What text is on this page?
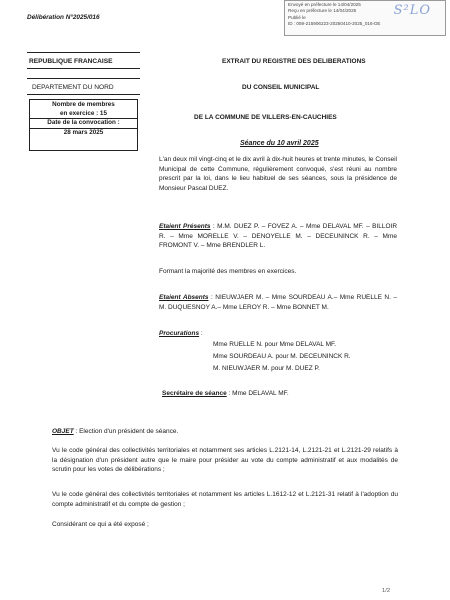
Envoyé en préfecture le 14/04/2025
Reçu en préfecture le 14/04/2025
Publié le
ID : 059-215906223-20250410-2025_016-DE
S²LO
Délibération N°2025/016
REPUBLIQUE FRANCAISE
DEPARTEMENT DU NORD
Nombre de membres
en exercice : 15
Date de la convocation :
28 mars 2025
EXTRAIT DU REGISTRE DES DELIBERATIONS
DU CONSEIL MUNICIPAL
DE LA COMMUNE DE VILLERS-EN-CAUCHIES
Séance du 10 avril 2025
L'an deux mil vingt-cinq et le dix avril à dix-huit heures et trente minutes, le Conseil Municipal de cette Commune, régulièrement convoqué, s'est réuni au nombre prescrit par la loi, dans le lieu habituel de ses séances, sous la présidence de Monsieur Pascal DUEZ.
Etaient Présents : M.M. DUEZ P. – FOVEZ A. – Mme DELAVAL MF. – BILLOIR R. – Mme MORELLE V. – DENOYELLE M. – DECEUNINCK R. – Mme FROMONT V. – Mme BRENDLER L.
Formant la majorité des membres en exercices.
Etaient Absents : NIEUWJAER M. – Mme SOURDEAU A.– Mme RUELLE N. – M. DUQUESNOY A.– Mme LEROY R. – Mme BONNET M.
Procurations :
Mme RUELLE N. pour Mme DELAVAL MF.
Mme SOURDEAU A. pour M. DECEUNINCK R.
M. NIEUWJAER M. pour M. DUEZ P.
Secrétaire de séance : Mme DELAVAL MF.
OBJET : Election d'un président de séance.
Vu le code général des collectivités territoriales et notamment ses articles L.2121-14, L.2121-21 et L.2121-29 relatifs à la désignation d'un président autre que le maire pour présider au vote du compte administratif et aux modalités de scrutin pour les votes de délibérations ;
Vu le code général des collectivités territoriales et notamment les articles L.1612-12 et L.2121-31 relatif à l'adoption du compte administratif et du compte de gestion ;
Considérant ce qui a été exposé ;
1/2
